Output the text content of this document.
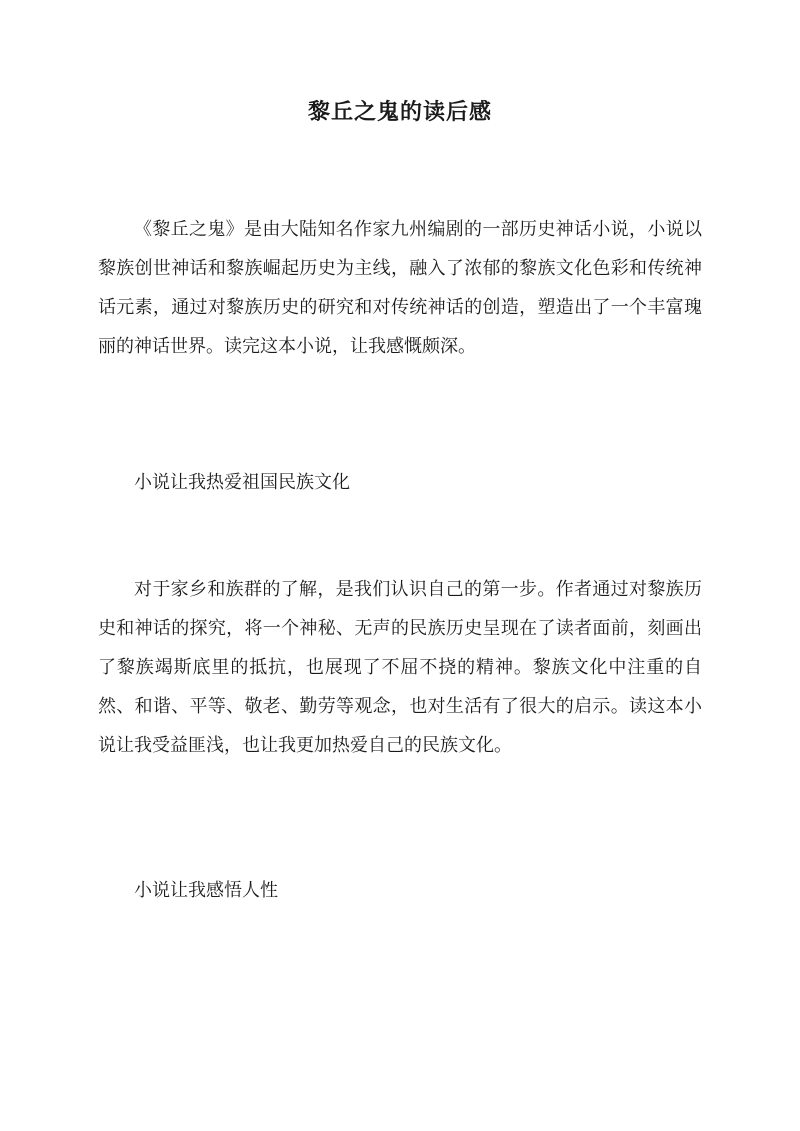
黎丘之鬼的读后感

《黎丘之鬼》是由大陆知名作家九州编剧的一部历史神话小说，小说以黎族创世神话和黎族崛起历史为主线，融入了浓郁的黎族文化色彩和传统神话元素，通过对黎族历史的研究和对传统神话的创造，塑造出了一个丰富瑰丽的神话世界。读完这本小说，让我感慨颇深。

小说让我热爱祖国民族文化

对于家乡和族群的了解，是我们认识自己的第一步。作者通过对黎族历史和神话的探究，将一个神秘、无声的民族历史呈现在了读者面前，刻画出了黎族竭斯底里的抵抗，也展现了不屈不挠的精神。黎族文化中注重的自然、和谐、平等、敬老、勤劳等观念，也对生活有了很大的启示。读这本小说让我受益匪浅，也让我更加热爱自己的民族文化。

小说让我感悟人性
